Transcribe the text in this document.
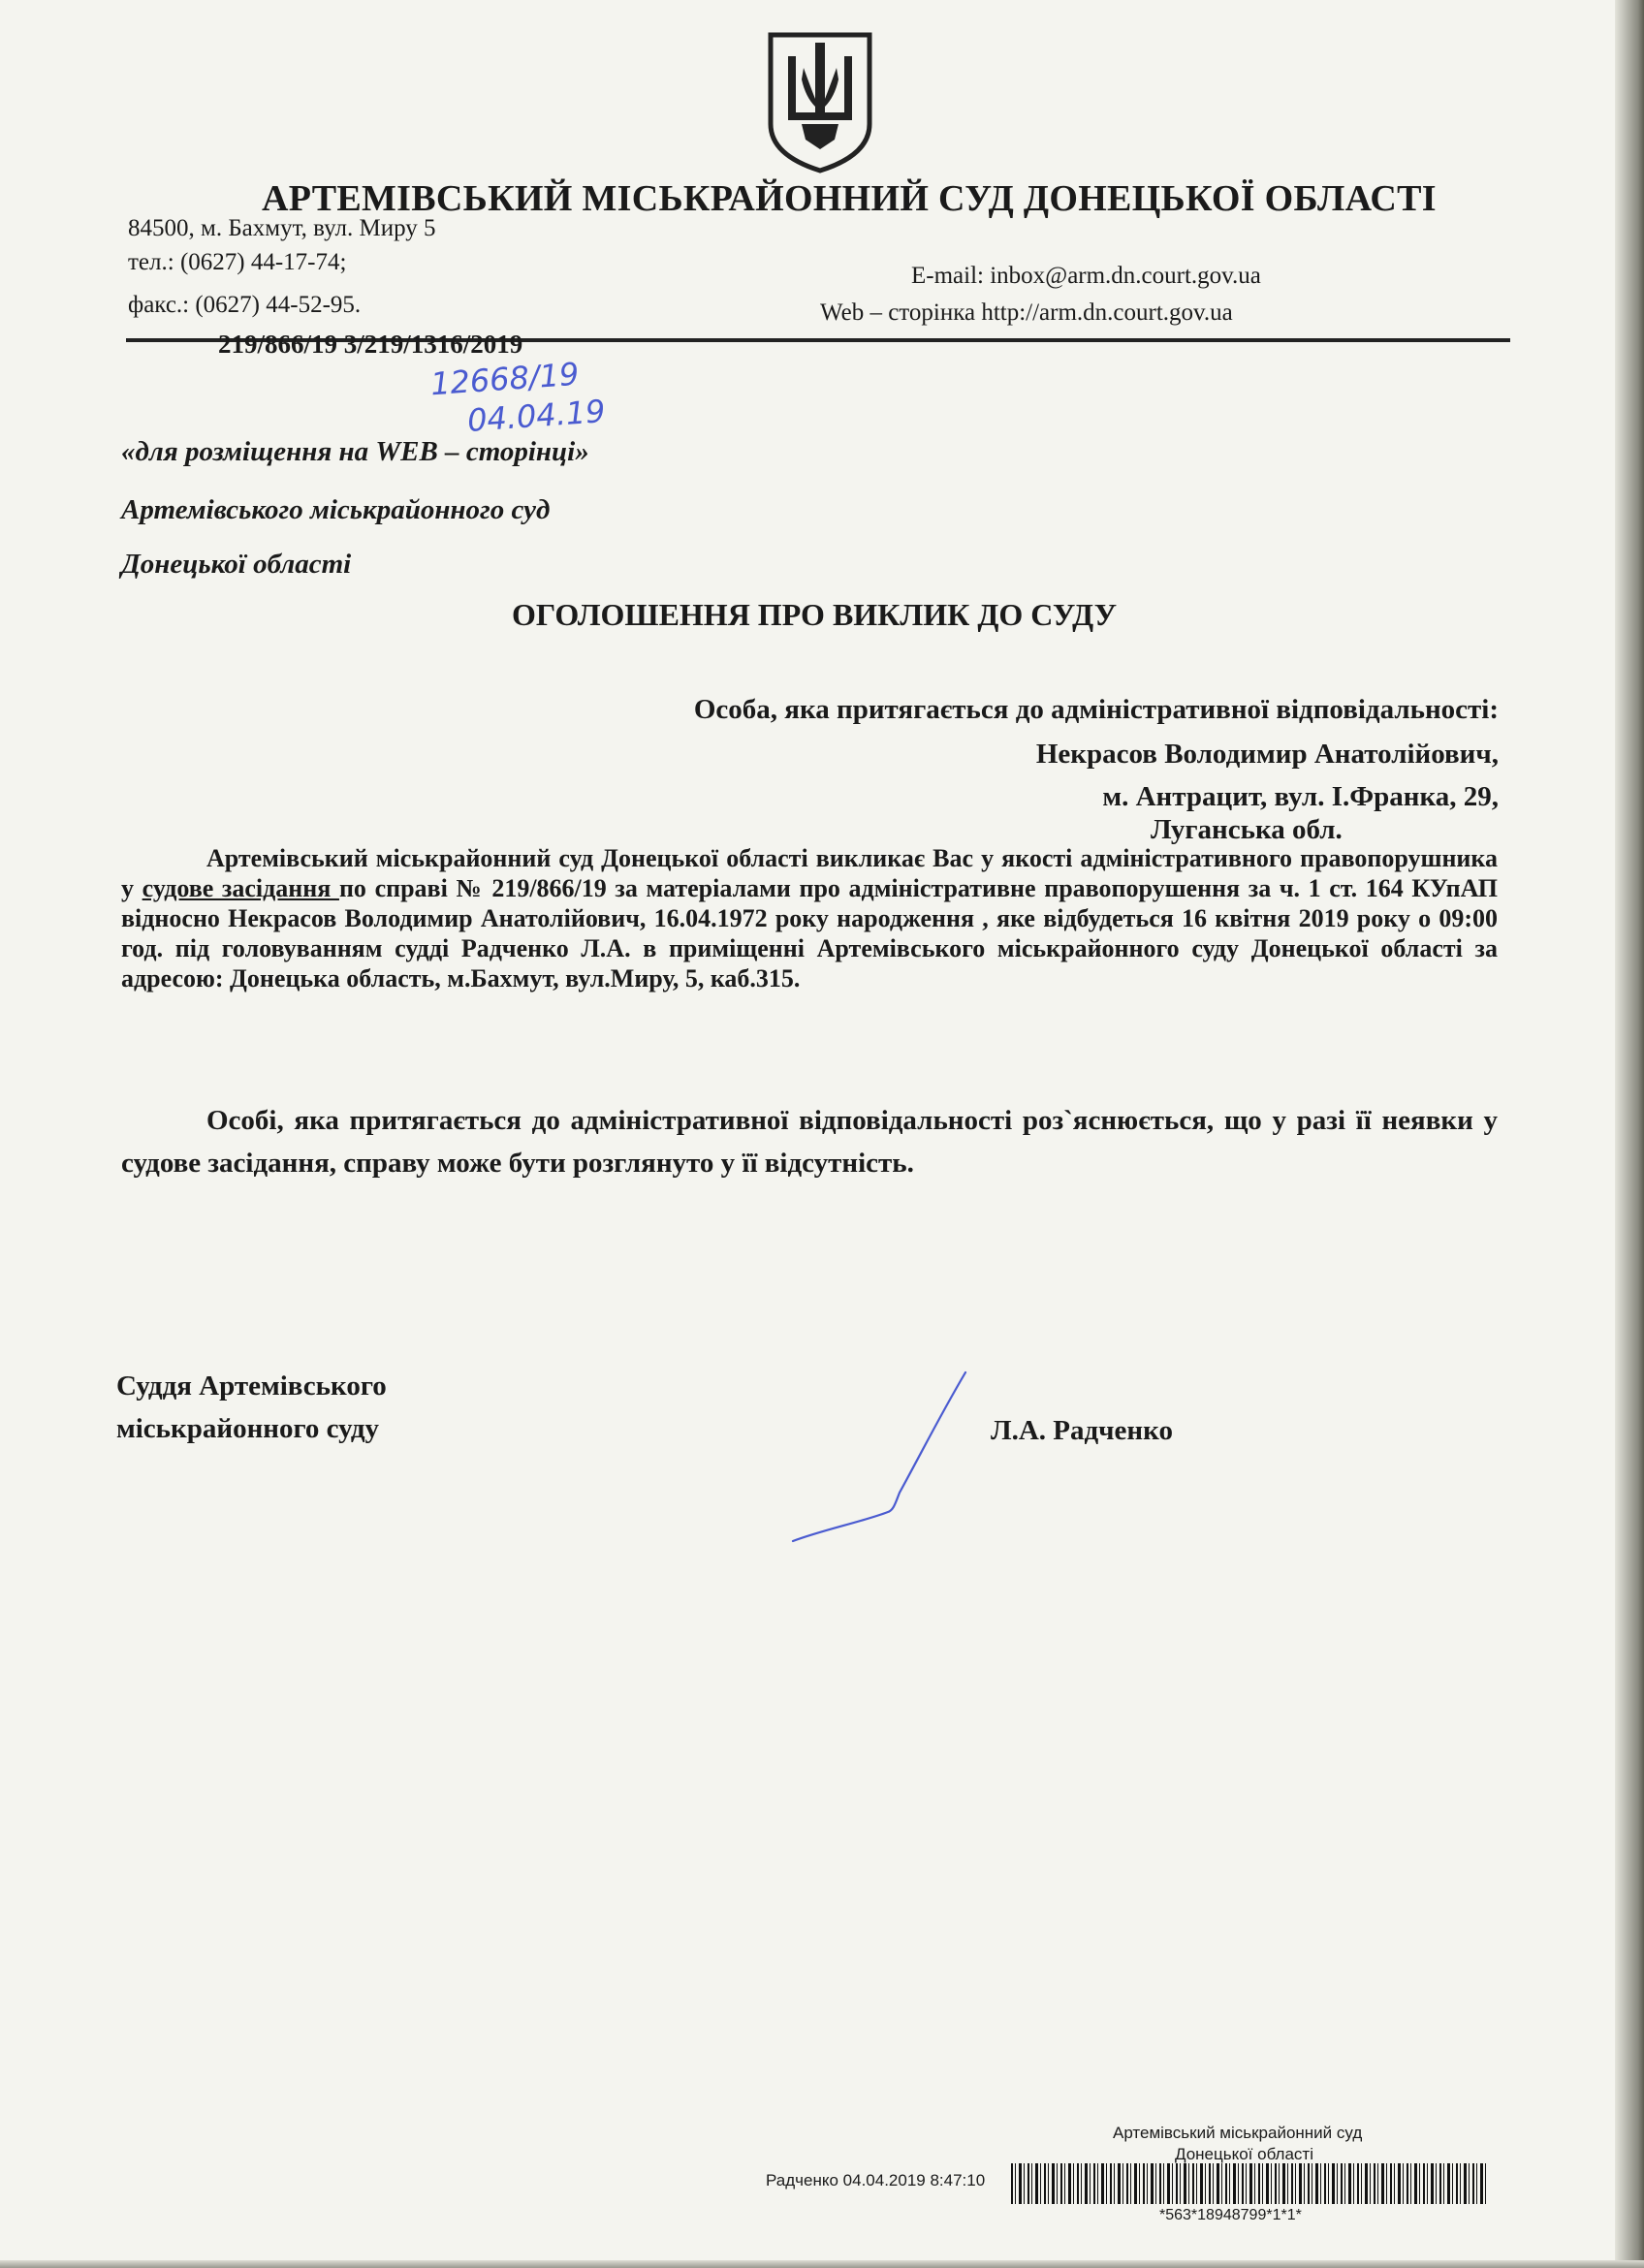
АРТЕМІВСЬКИЙ МІСЬКРАЙОННИЙ СУД ДОНЕЦЬКОЇ ОБЛАСТІ
84500, м. Бахмут, вул. Миру 5
тел.: (0627) 44-17-74;
факс.: (0627) 44-52-95.
E-mail: inbox@arm.dn.court.gov.ua
Web – сторінка http://arm.dn.court.gov.ua
219/866/19 3/219/1316/2019
12668/19
04.04.19
«для розміщення на WEB – сторінці»
Артемівського міськрайонного суд
Донецької області
ОГОЛОШЕННЯ ПРО ВИКЛИК ДО СУДУ
Особа, яка притягається до адміністративної відповідальності:
Некрасов Володимир Анатолійович,
м. Антрацит, вул. І.Франка, 29,
Луганська обл.
Артемівський міськрайонний суд Донецької області викликає Вас у якості адміністративного правопорушника у судове засідання по справі № 219/866/19 за матеріалами про адміністративне правопорушення за ч. 1 ст. 164 КУпАП відносно Некрасов Володимир Анатолійович, 16.04.1972 року народження , яке відбудеться 16 квітня 2019 року о 09:00 год. під головуванням судді Радченко Л.А. в приміщенні Артемівського міськрайонного суду Донецької області за адресою: Донецька область, м.Бахмут, вул.Миру, 5, каб.315.
Особі, яка притягається до адміністративної відповідальності роз`яснюється, що у разі її неявки у судове засідання, справу може бути розглянуто у її відсутність.
Суддя Артемівського
міськрайонного суду	Л.А. Радченко
Артемівський міськрайонний суд
Донецької області
Радченко 04.04.2019 8:47:10
*563*18948799*1*1*
